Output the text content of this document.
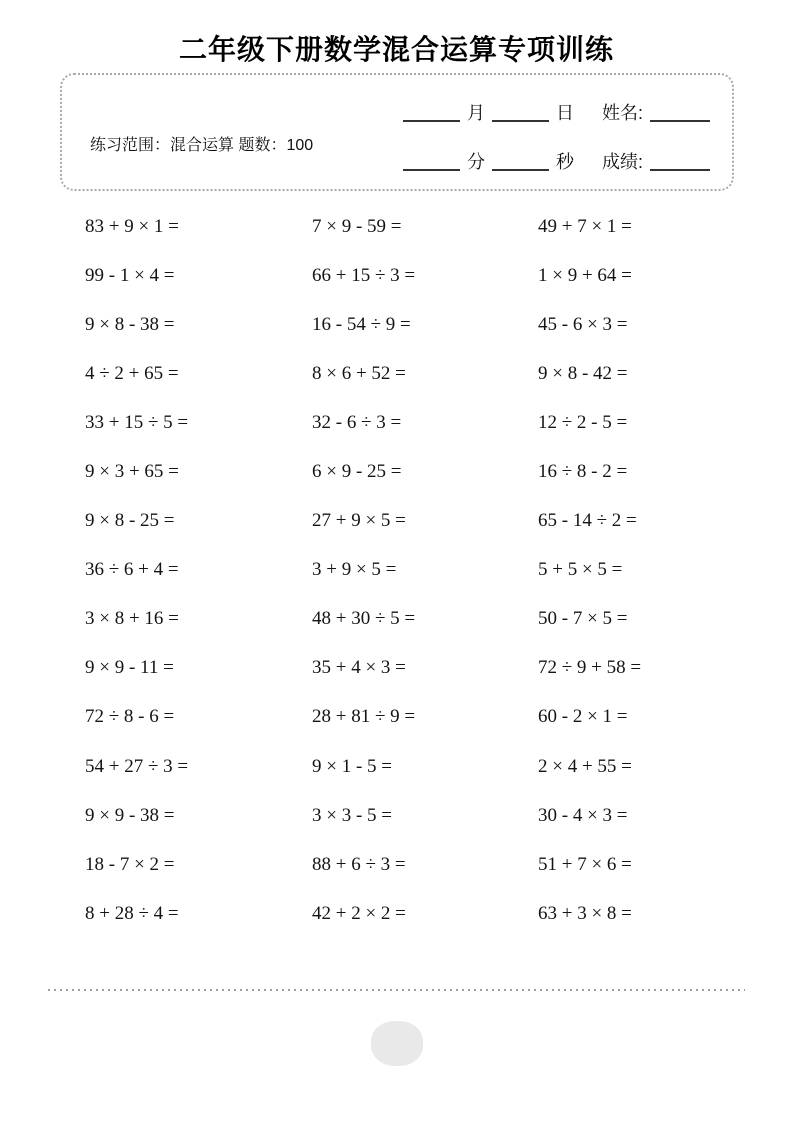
二年级下册数学混合运算专项训练
练习范围：混合运算 题数：100
月	日 姓名:
分	秒 成绩:
83 + 9 × 1 =	7 × 9 - 59 =	49 + 7 × 1 =
99 - 1 × 4 =	66 + 15 ÷ 3 =	1 × 9 + 64 =
9 × 8 - 38 =	16 - 54 ÷ 9 =	45 - 6 × 3 =
4 ÷ 2 + 65 =	8 × 6 + 52 =	9 × 8 - 42 =
33 + 15 ÷ 5 =	32 - 6 ÷ 3 =	12 ÷ 2 - 5 =
9 × 3 + 65 =	6 × 9 - 25 =	16 ÷ 8 - 2 =
9 × 8 - 25 =	27 + 9 × 5 =	65 - 14 ÷ 2 =
36 ÷ 6 + 4 =	3 + 9 × 5 =	5 + 5 × 5 =
3 × 8 + 16 =	48 + 30 ÷ 5 =	50 - 7 × 5 =
9 × 9 - 11 =	35 + 4 × 3 =	72 ÷ 9 + 58 =
72 ÷ 8 - 6 =	28 + 81 ÷ 9 =	60 - 2 × 1 =
54 + 27 ÷ 3 =	9 × 1 - 5 =	2 × 4 + 55 =
9 × 9 - 38 =	3 × 3 - 5 =	30 - 4 × 3 =
18 - 7 × 2 =	88 + 6 ÷ 3 =	51 + 7 × 6 =
8 + 28 ÷ 4 =	42 + 2 × 2 =	63 + 3 × 8 =
